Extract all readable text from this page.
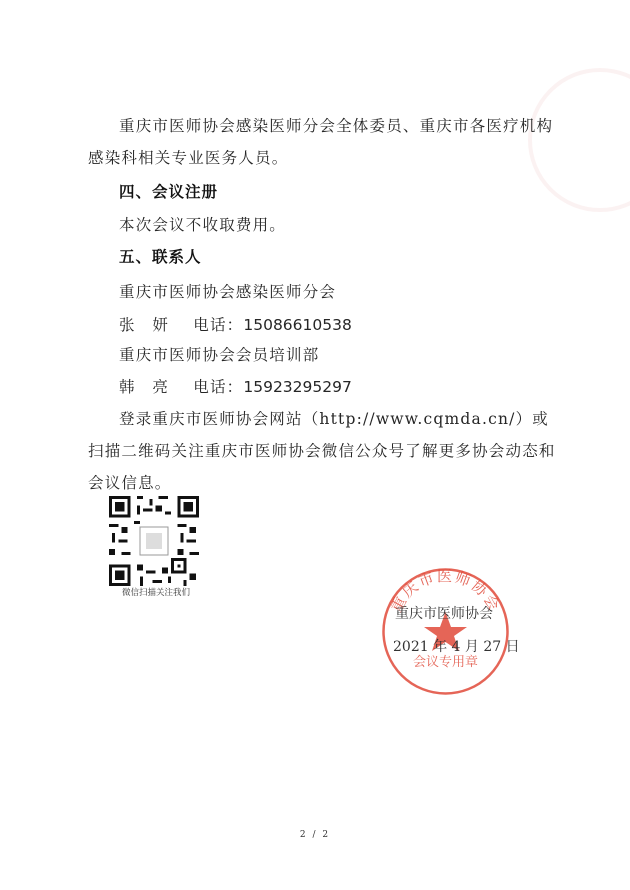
重庆市医师协会感染医师分会全体委员、重庆市各医疗机构感染科相关专业医务人员。

四、会议注册
本次会议不收取费用。
五、联系人
重庆市医师协会感染医师分会
张　妍 电话：15086610538
重庆市医师协会会员培训部
韩　亮 电话：15923295297

登录重庆市医师协会网站（http://www.cqmda.cn/）或扫描二维码关注重庆市医师协会微信公众号了解更多协会动态和会议信息。

微信扫描关注我们	重庆市医师协会
会议专用章
重庆市医师协会
2021 年 4 月 27 日
2 / 2
